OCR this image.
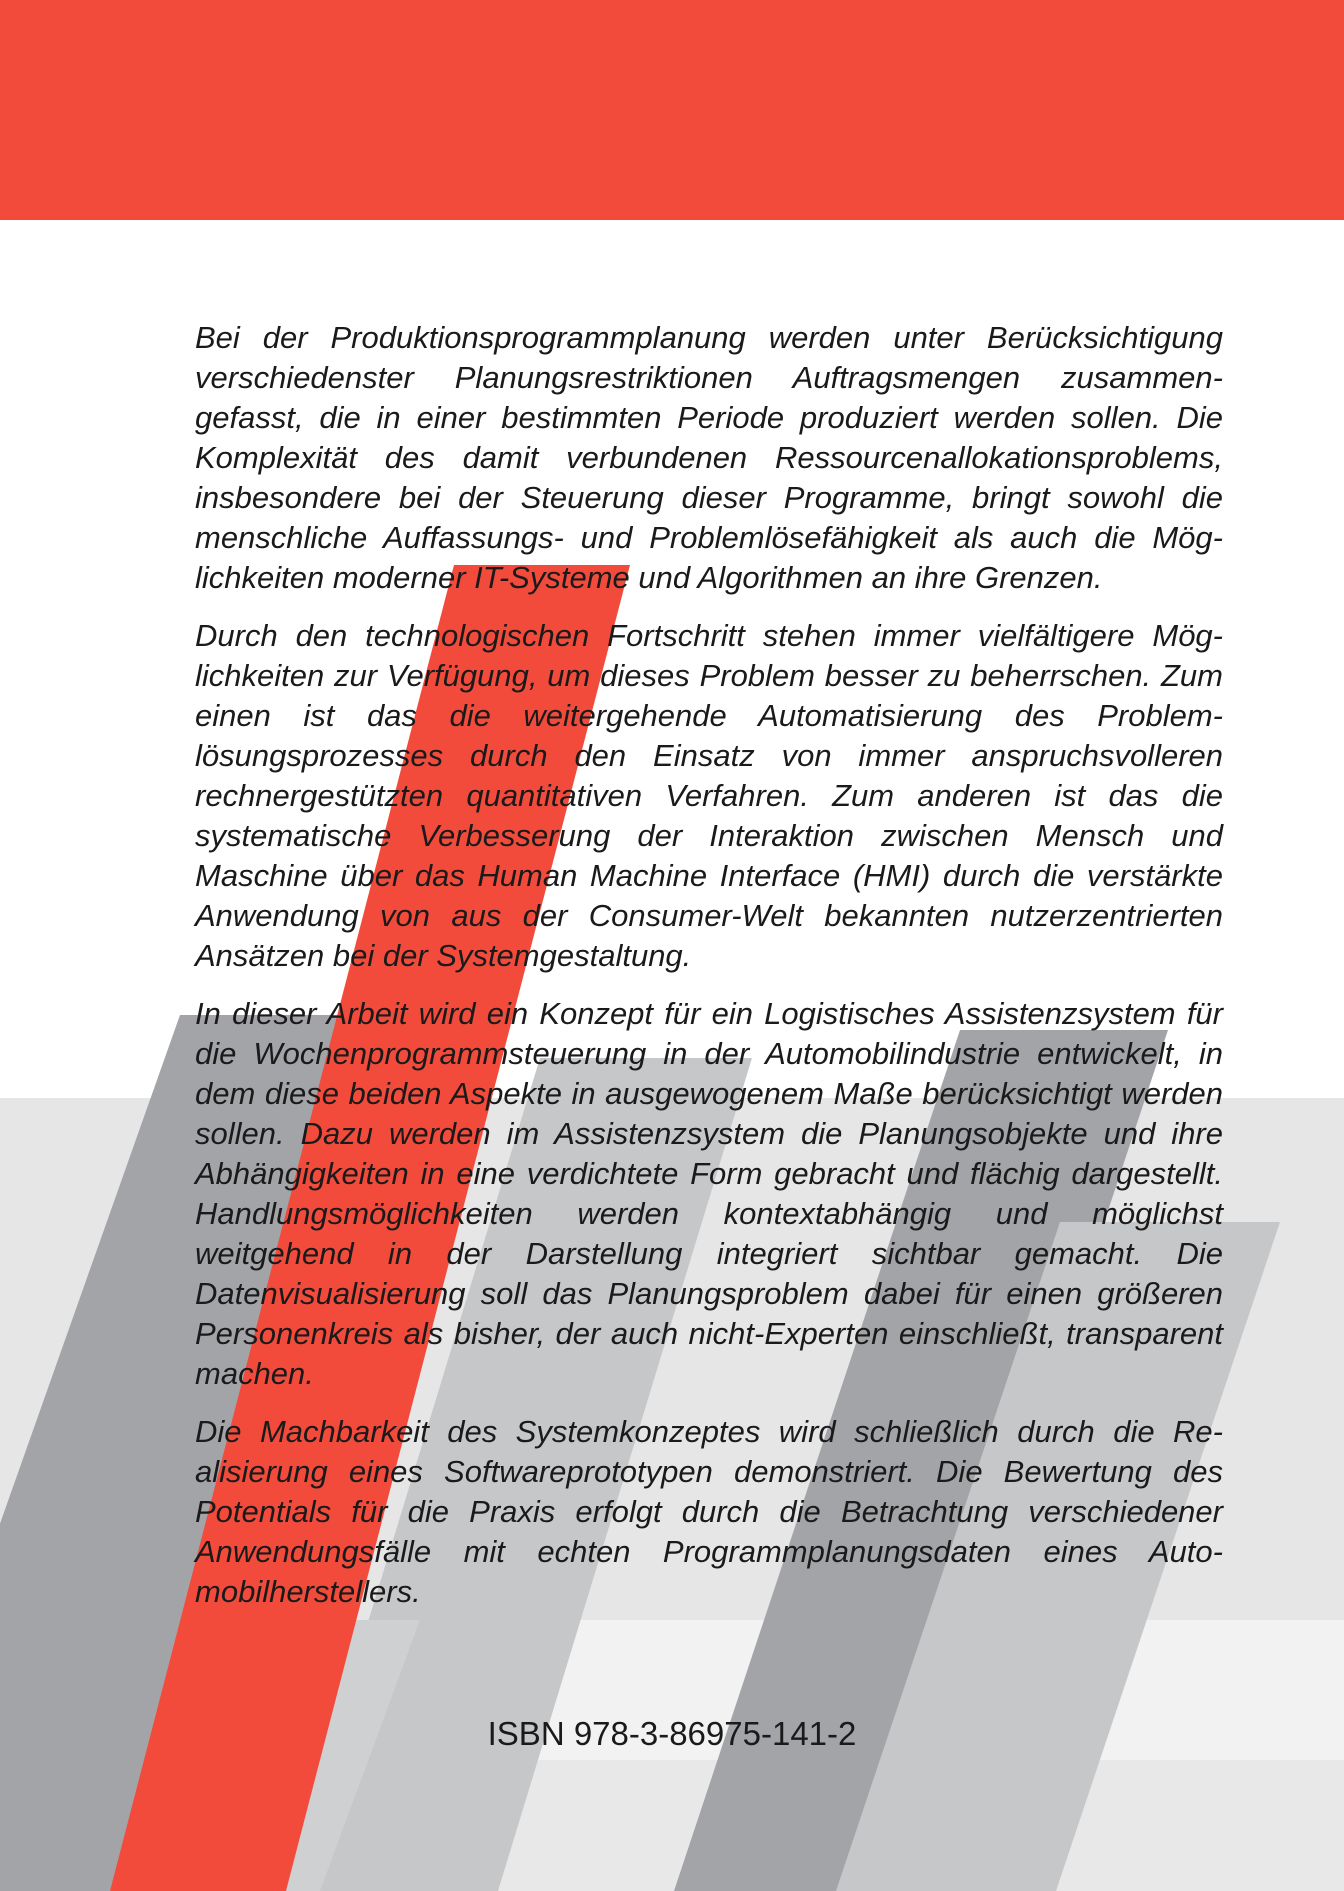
Bei der Produktionsprogrammplanung werden unter Berücksichtigung verschiedenster Planungsrestriktionen Auftragsmengen zusammengefasst, die in einer bestimmten Periode produziert werden sollen. Die Komplexität des damit verbundenen Ressourcenallokationsproblems, insbesondere bei der Steuerung dieser Programme, bringt sowohl die menschliche Auffassungs- und Problemlösefähigkeit als auch die Möglichkeiten moderner IT-Systeme und Algorithmen an ihre Grenzen.

Durch den technologischen Fortschritt stehen immer vielfältigere Möglichkeiten zur Verfügung, um dieses Problem besser zu beherrschen. Zum einen ist das die weitergehende Automatisierung des Problemlösungsprozesses durch den Einsatz von immer anspruchsvolleren rechnergestützten quantitativen Verfahren. Zum anderen ist das die systematische Verbesserung der Interaktion zwischen Mensch und Maschine über das Human Machine Interface (HMI) durch die verstärkte Anwendung von aus der Consumer-Welt bekannten nutzerzentrierten Ansätzen bei der Systemgestaltung.

In dieser Arbeit wird ein Konzept für ein Logistisches Assistenzsystem für die Wochenprogrammsteuerung in der Automobilindustrie entwickelt, in dem diese beiden Aspekte in ausgewogenem Maße berücksichtigt werden sollen. Dazu werden im Assistenzsystem die Planungsobjekte und ihre Abhängigkeiten in eine verdichtete Form gebracht und flächig dargestellt. Handlungsmöglichkeiten werden kontextabhängig und möglichst weitgehend in der Darstellung integriert sichtbar gemacht. Die Datenvisualisierung soll das Planungsproblem dabei für einen größeren Personenkreis als bisher, der auch nicht-Experten einschließt, transparent machen.

Die Machbarkeit des Systemkonzeptes wird schließlich durch die Realisierung eines Softwareprototypen demonstriert. Die Bewertung des Potentials für die Praxis erfolgt durch die Betrachtung verschiedener Anwendungsfälle mit echten Programmplanungsdaten eines Automobilherstellers.

ISBN 978-3-86975-141-2
